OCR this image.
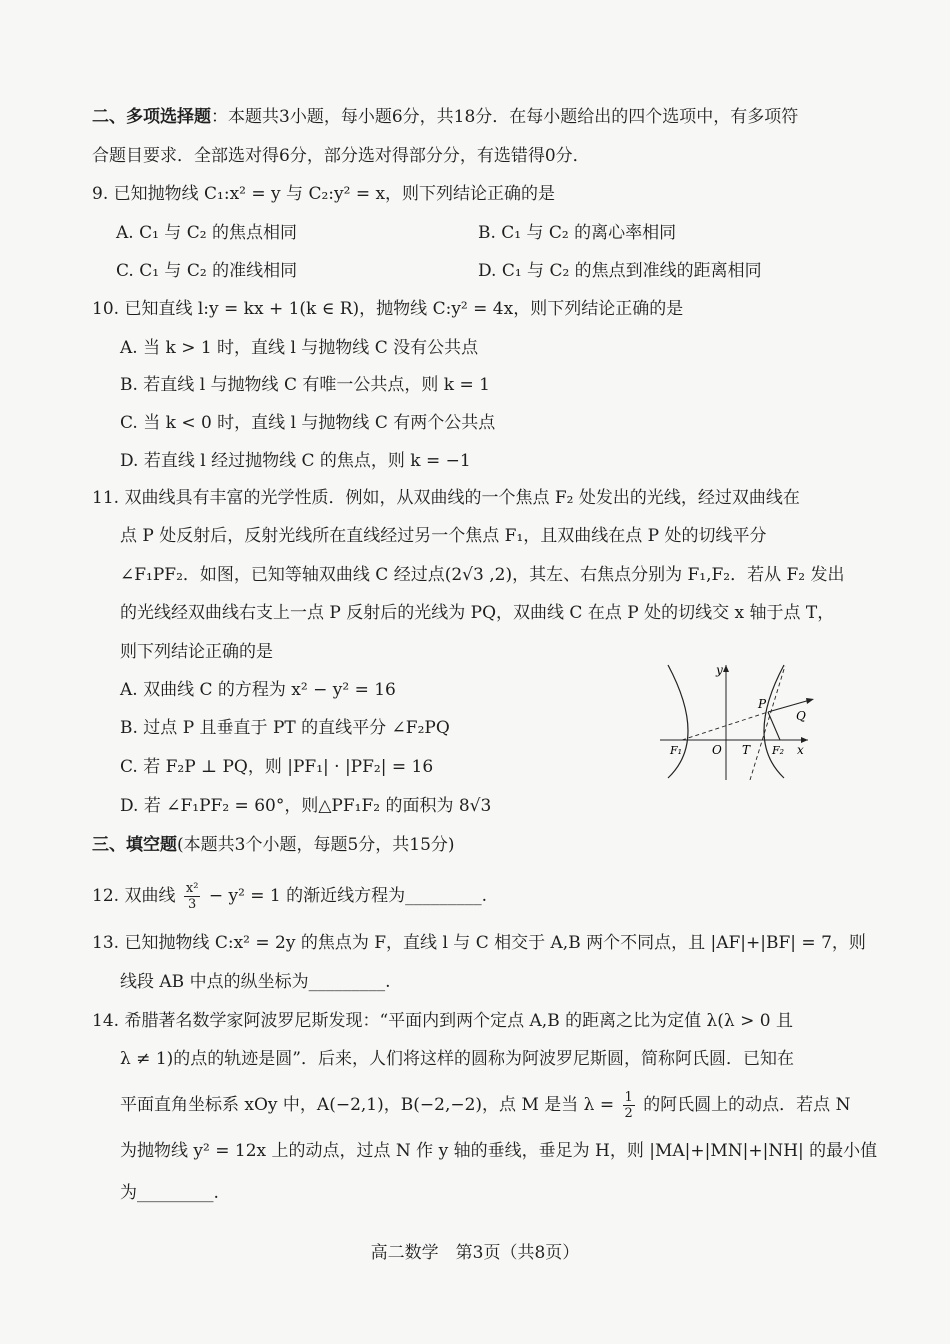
二、多项选择题：本题共3小题，每小题6分，共18分．在每小题给出的四个选项中，有多项符
合题目要求．全部选对得6分，部分选对得部分分，有选错得0分．
9. 已知抛物线 C₁:x² = y 与 C₂:y² = x，则下列结论正确的是
A. C₁ 与 C₂ 的焦点相同	B. C₁ 与 C₂ 的离心率相同
C. C₁ 与 C₂ 的准线相同	D. C₁ 与 C₂ 的焦点到准线的距离相同
10. 已知直线 l:y = kx + 1(k ∈ R)，抛物线 C:y² = 4x，则下列结论正确的是
A. 当 k > 1 时，直线 l 与抛物线 C 没有公共点
B. 若直线 l 与抛物线 C 有唯一公共点，则 k = 1
C. 当 k < 0 时，直线 l 与抛物线 C 有两个公共点
D. 若直线 l 经过抛物线 C 的焦点，则 k = −1
11. 双曲线具有丰富的光学性质．例如，从双曲线的一个焦点 F₂ 处发出的光线，经过双曲线在
点 P 处反射后，反射光线所在直线经过另一个焦点 F₁，且双曲线在点 P 处的切线平分
∠F₁PF₂．如图，已知等轴双曲线 C 经过点(2√3 ,2)，其左、右焦点分别为 F₁,F₂．若从 F₂ 发出
的光线经双曲线右支上一点 P 反射后的光线为 PQ，双曲线 C 在点 P 处的切线交 x 轴于点 T，
则下列结论正确的是
A. 双曲线 C 的方程为 x² − y² = 16
B. 过点 P 且垂直于 PT 的直线平分 ∠F₂PQ
C. 若 F₂P ⊥ PQ，则 |PF₁| · |PF₂| = 16
D. 若 ∠F₁PF₂ = 60°，则△PF₁F₂ 的面积为 8√3
y
x
P
Q
F₁ O T F₂
三、填空题(本题共3个小题，每题5分，共15分)
12. 双曲线 $\frac{\text{x²}}{3} - y^2 = 1$ 的渐近线方程为_________.
13. 已知抛物线 C:x² = 2y 的焦点为 F，直线 l 与 C 相交于 A,B 两个不同点，且 |AF|+|BF| = 7，则
线段 AB 中点的纵坐标为_________.
14. 希腊著名数学家阿波罗尼斯发现：“平面内到两个定点 A,B 的距离之比为定值 λ(λ > 0 且
λ ≠ 1)的点的轨迹是圆”．后来，人们将这样的圆称为阿波罗尼斯圆，简称阿氏圆．已知在
平面直角坐标系 xOy 中，A(−2,1)，B(−2,−2)，点 M 是当 $\lambda = \frac{1}{2}$ 的阿氏圆上的动点．若点 N
为抛物线 y² = 12x 上的动点，过点 N 作 y 轴的垂线，垂足为 H，则 |MA|+|MN|+|NH| 的最小值
为_________.
高二数学　第3页（共8页）
